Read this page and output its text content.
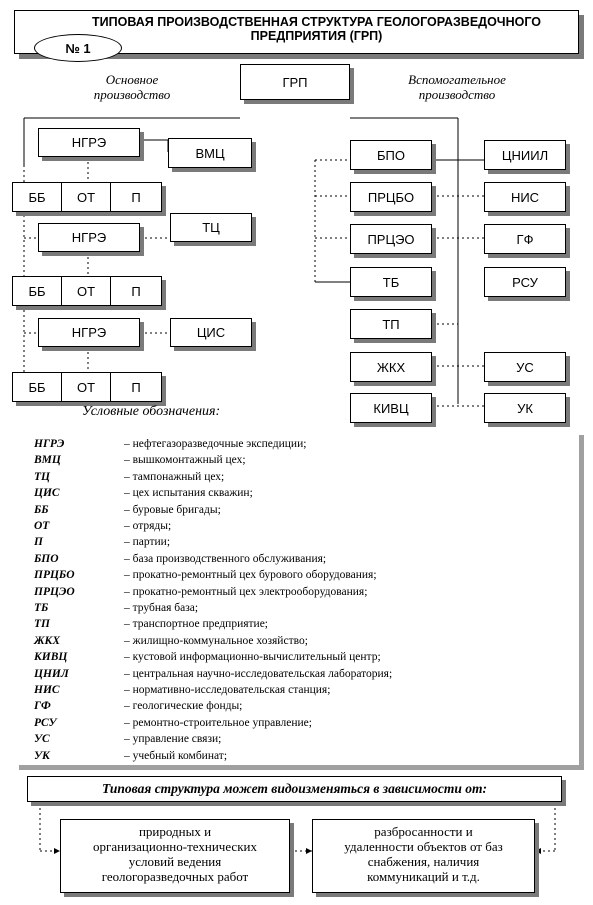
ТИПОВАЯ ПРОИЗВОДСТВЕННАЯ СТРУКТУРА ГЕОЛОГОРАЗВЕДОЧНОГО
ПРЕДПРИЯТИЯ (ГРП)
№ 1
Основное
производство
Вспомогательное
производство
ГРП
НГРЭ
ВМЦ
ББ	ОТ	П
НГРЭ
ТЦ
ББ	ОТ	П
НГРЭ	ЦИС
ББ	ОТ	П
БПО
ПРЦБО
ПРЦЭО
ТБ
ТП
ЖКХ
КИВЦ
ЦНИИЛ
НИС
ГФ
РСУ
УС
УК
Условные обозначения:
НГРЭ	– нефтегазоразведочные экспедиции;
ВМЦ	– вышкомонтажный цех;
ТЦ	– тампонажный цех;
ЦИС	– цех испытания скважин;
ББ	– буровые бригады;
ОТ	– отряды;
П	– партии;
БПО	– база производственного обслуживания;
ПРЦБО	– прокатно-ремонтный цех бурового оборудования;
ПРЦЭО	– прокатно-ремонтный цех электрооборудования;
ТБ	– трубная база;
ТП	– транспортное предприятие;
ЖКХ	– жилищно-коммунальное хозяйство;
КИВЦ	– кустовой информационно-вычислительный центр;
ЦНИЛ	– центральная научно-исследовательская лаборатория;
НИС	– нормативно-исследовательская станция;
ГФ	– геологические фонды;
РСУ	– ремонтно-строительное управление;
УС	– управление связи;
УК	– учебный комбинат;
Типовая структура может видоизменяться в зависимости от:
природных и
организационно-технических
условий ведения
геологоразведочных работ
разбросанности и
удаленности объектов от баз
снабжения, наличия
коммуникаций и т.д.
